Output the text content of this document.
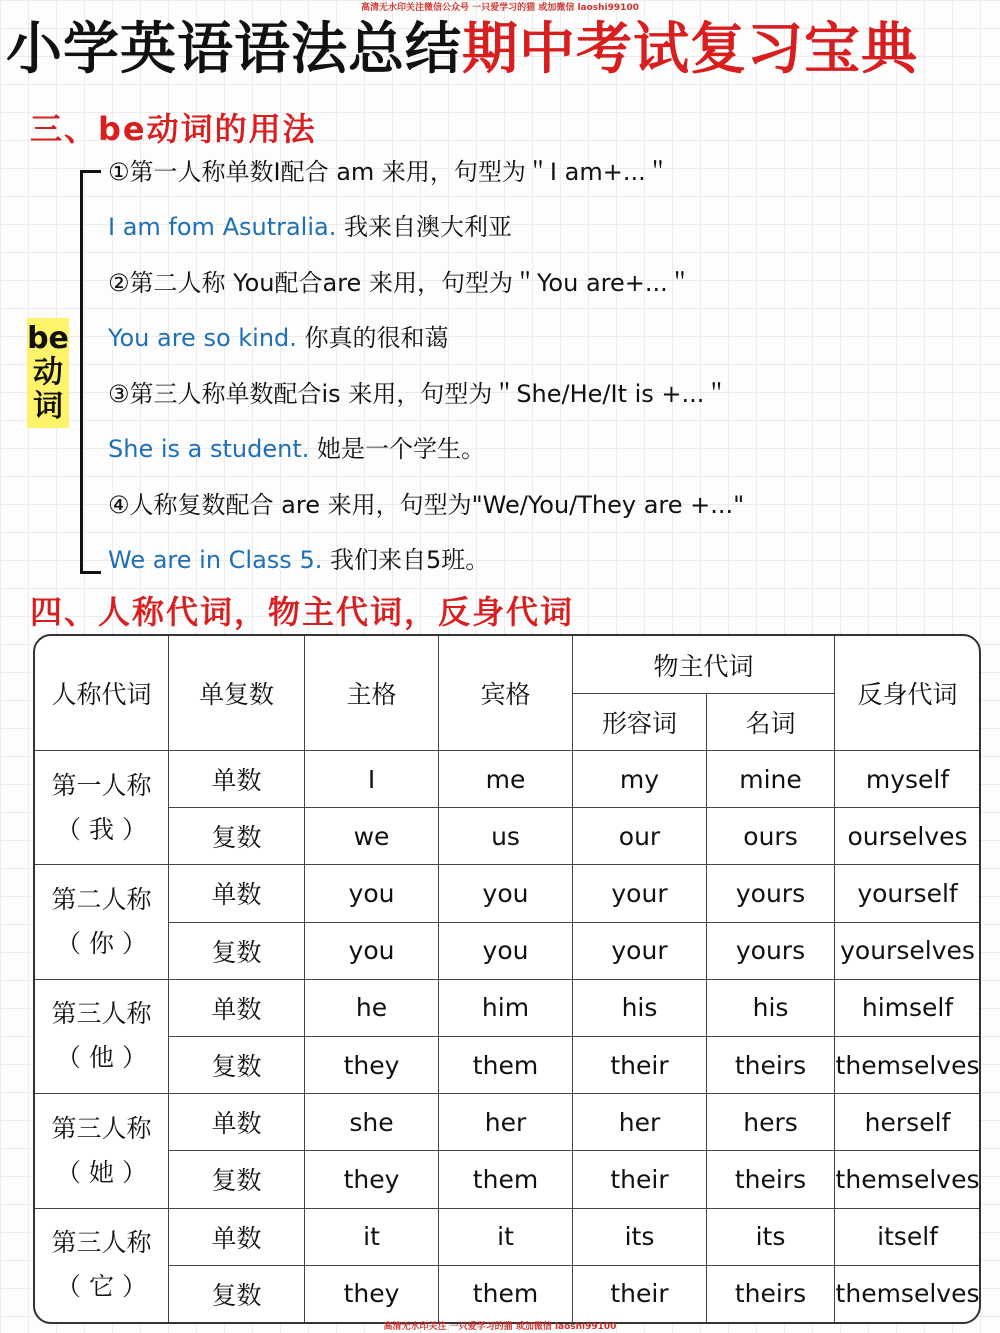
高清无水印关注微信公众号 一只爱学习的猫 或加微信 laoshi99100
小学英语语法总结期中考试复习宝典
三、be动词的用法
be
动
词
①第一人称单数I配合 am 来用，句型为＂I am+...＂
I am fom Asutralia. 我来自澳大利亚
②第二人称 You配合are 来用，句型为＂You are+...＂
You are so kind. 你真的很和蔼
③第三人称单数配合is 来用，句型为＂She/He/It is +...＂
She is a student. 她是一个学生。
④人称复数配合 are 来用，句型为"We/You/They are +..."
We are in Class 5. 我们来自5班。
四、人称代词，物主代词，反身代词
人称代词	单复数	主格	宾格	物主代词		反身代词
				形容词	名词	

第一人称
（ 我 ）	单数	I	me	my	mine	myself
	复数	we	us	our	ours	ourselves

第二人称
（ 你 ）	单数	you	you	your	yours	yourself
	复数	you	you	your	yours	yourselves

第三人称
（ 他 ）	单数	he	him	his	his	himself
	复数	they	them	their	theirs	themselves

第三人称
（ 她 ）	单数	she	her	her	hers	herself
	复数	they	them	their	theirs	themselves

第三人称
（ 它 ）	单数	it	it	its	its	itself
	复数	they	them	their	theirs	themselves
高清无水印关注 一只爱学习的猫 或加微信 laoshi99100
